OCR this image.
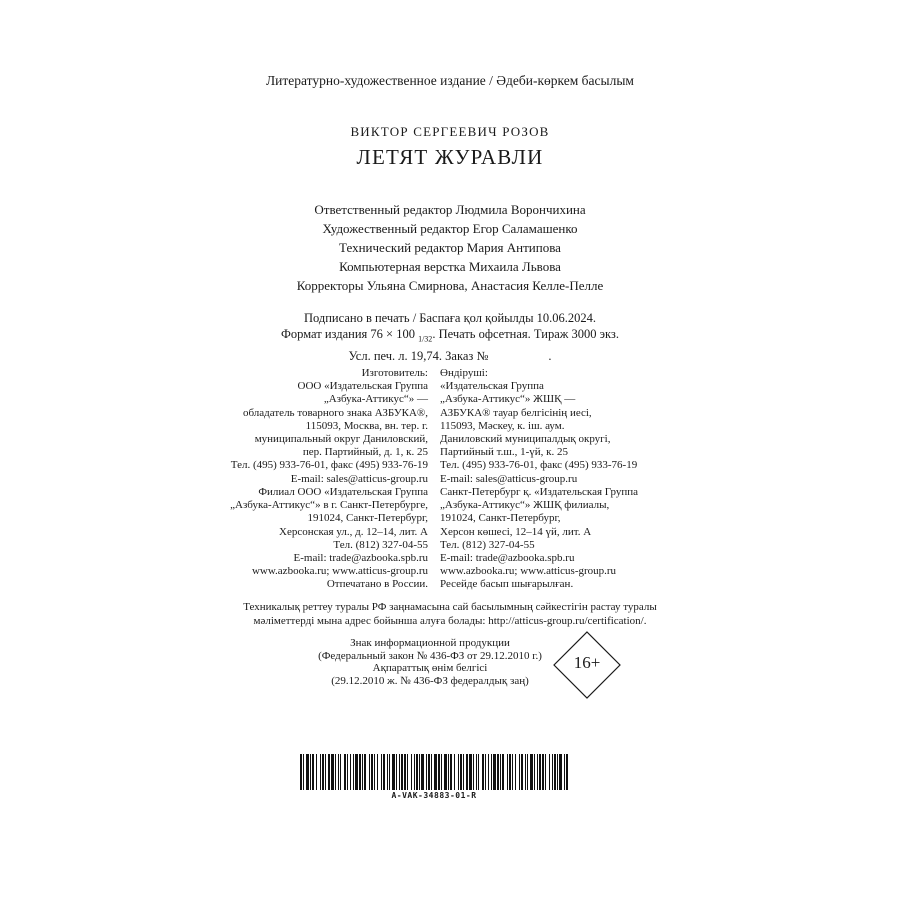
Литературно-художественное издание / Әдеби-көркем басылым
ВИКТОР СЕРГЕЕВИЧ РОЗОВ
ЛЕТЯТ ЖУРАВЛИ
Ответственный редактор Людмила Ворончихина
Художественный редактор Егор Саламашенко
Технический редактор Мария Антипова
Компьютерная верстка Михаила Львова
Корректоры Ульяна Смирнова, Анастасия Келле-Пелле
Подписано в печать / Баспаға қол қойылды 10.06.2024.
Формат издания 76 × 100 $_{1/32}$. Печать офсетная. Тираж 3000 экз.
Усл. печ. л. 19,74. Заказ №	.
Изготовитель:
ООО «Издательская Группа
„Азбука-Аттикус“» —
обладатель товарного знака АЗБУКА®,
115093, Москва, вн. тер. г.
муниципальный округ Даниловский,
пер. Партийный, д. 1, к. 25
Тел. (495) 933-76-01, факс (495) 933-76-19
E-mail: sales@atticus-group.ru
Өндіруші:
«Издательская Группа
„Азбука-Аттикус“» ЖШҚ —
АЗБУКА® тауар белгісінің иесі,
115093, Мәскеу, к. іш. аум.
Даниловский муниципалдық округі,
Партийный т.ш., 1-үй, к. 25
Тел. (495) 933-76-01, факс (495) 933-76-19
E-mail: sales@atticus-group.ru
Филиал ООО «Издательская Группа
„Азбука-Аттикус“» в г. Санкт-Петербурге,
191024, Санкт-Петербург,
Херсонская ул., д. 12–14, лит. А
Тел. (812) 327-04-55
E-mail: trade@azbooka.spb.ru
Санкт-Петербург қ. «Издательская Группа
„Азбука-Аттикус“» ЖШҚ филиалы,
191024, Санкт-Петербург,
Херсон көшесі, 12–14 үй, лит. А
Тел. (812) 327-04-55
E-mail: trade@azbooka.spb.ru
www.azbooka.ru; www.atticus-group.ru
Отпечатано в России.
www.azbooka.ru; www.atticus-group.ru
Ресейде басып шығарылған.
Техникалық реттеу туралы РФ заңнамасына сай басылымның сәйкестігін растау туралы
мәліметтерді мына адрес бойынша алуға болады: http://atticus-group.ru/certification/.
Знак информационной продукции
(Федеральный закон № 436-ФЗ от 29.12.2010 г.)
Ақпараттық өнім белгісі
(29.12.2010 ж. № 436-ФЗ федералдық заң)
16+
A-VAK-34883-01-R
